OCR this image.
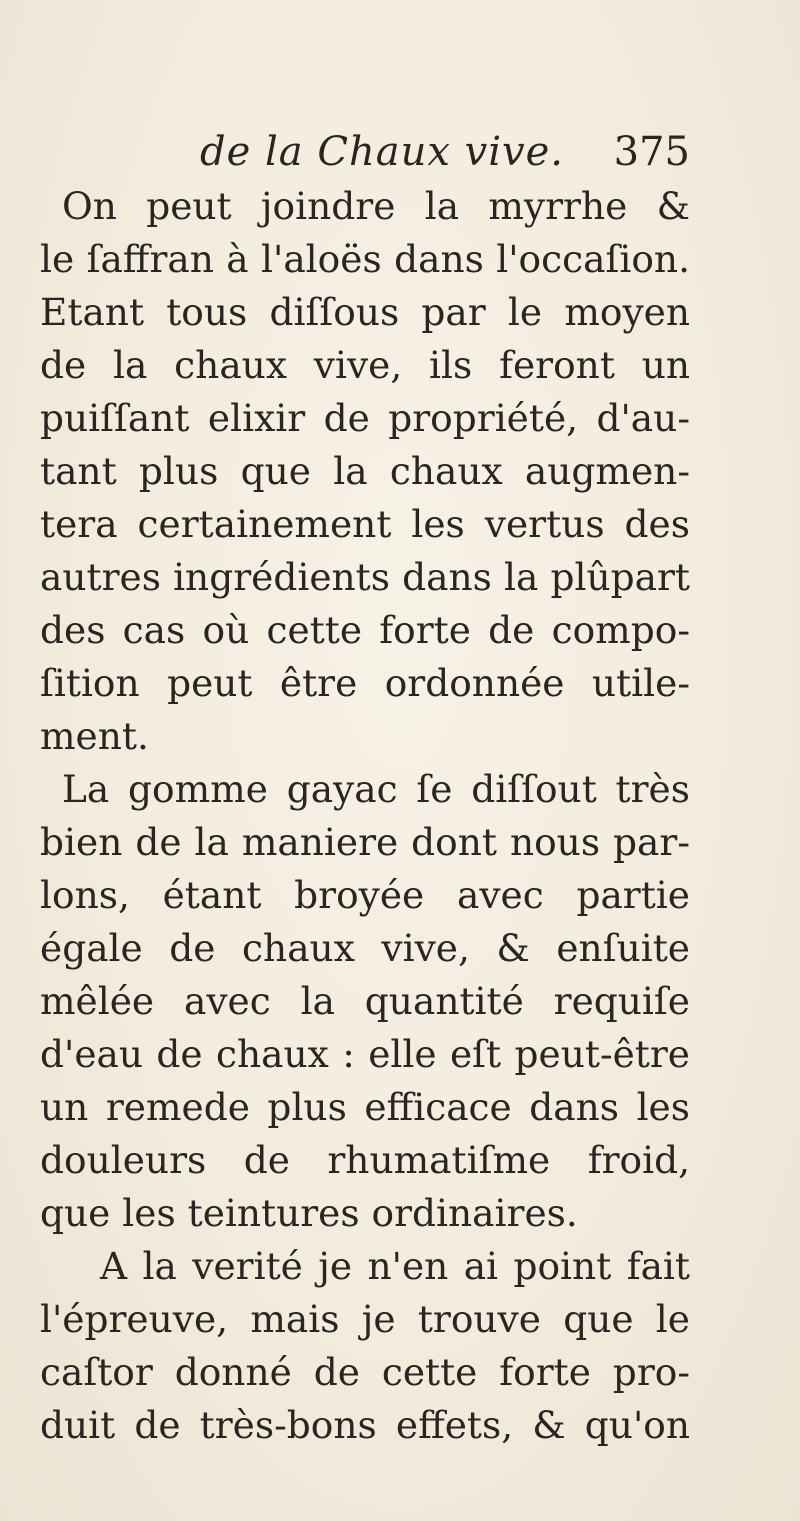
de la Chaux vive. 375
On peut joindre la myrrhe &
le ſaffran à l'aloës dans l'occaſion.
Etant tous diſſous par le moyen
de la chaux vive, ils feront un
puiſſant elixir de propriété, d'au-
tant plus que la chaux augmen-
tera certainement les vertus des
autres ingrédients dans la plûpart
des cas où cette forte de compo-
ſition peut être ordonnée utile-
ment.
La gomme gayac ſe diſſout très
bien de la maniere dont nous par-
lons, étant broyée avec partie
égale de chaux vive, & enſuite
mêlée avec la quantité requiſe
d'eau de chaux : elle eſt peut-être
un remede plus efficace dans les
douleurs de rhumatiſme froid,
que les teintures ordinaires.
A la verité je n'en ai point fait
l'épreuve, mais je trouve que le
caſtor donné de cette forte pro-
duit de très-bons effets, & qu'on
